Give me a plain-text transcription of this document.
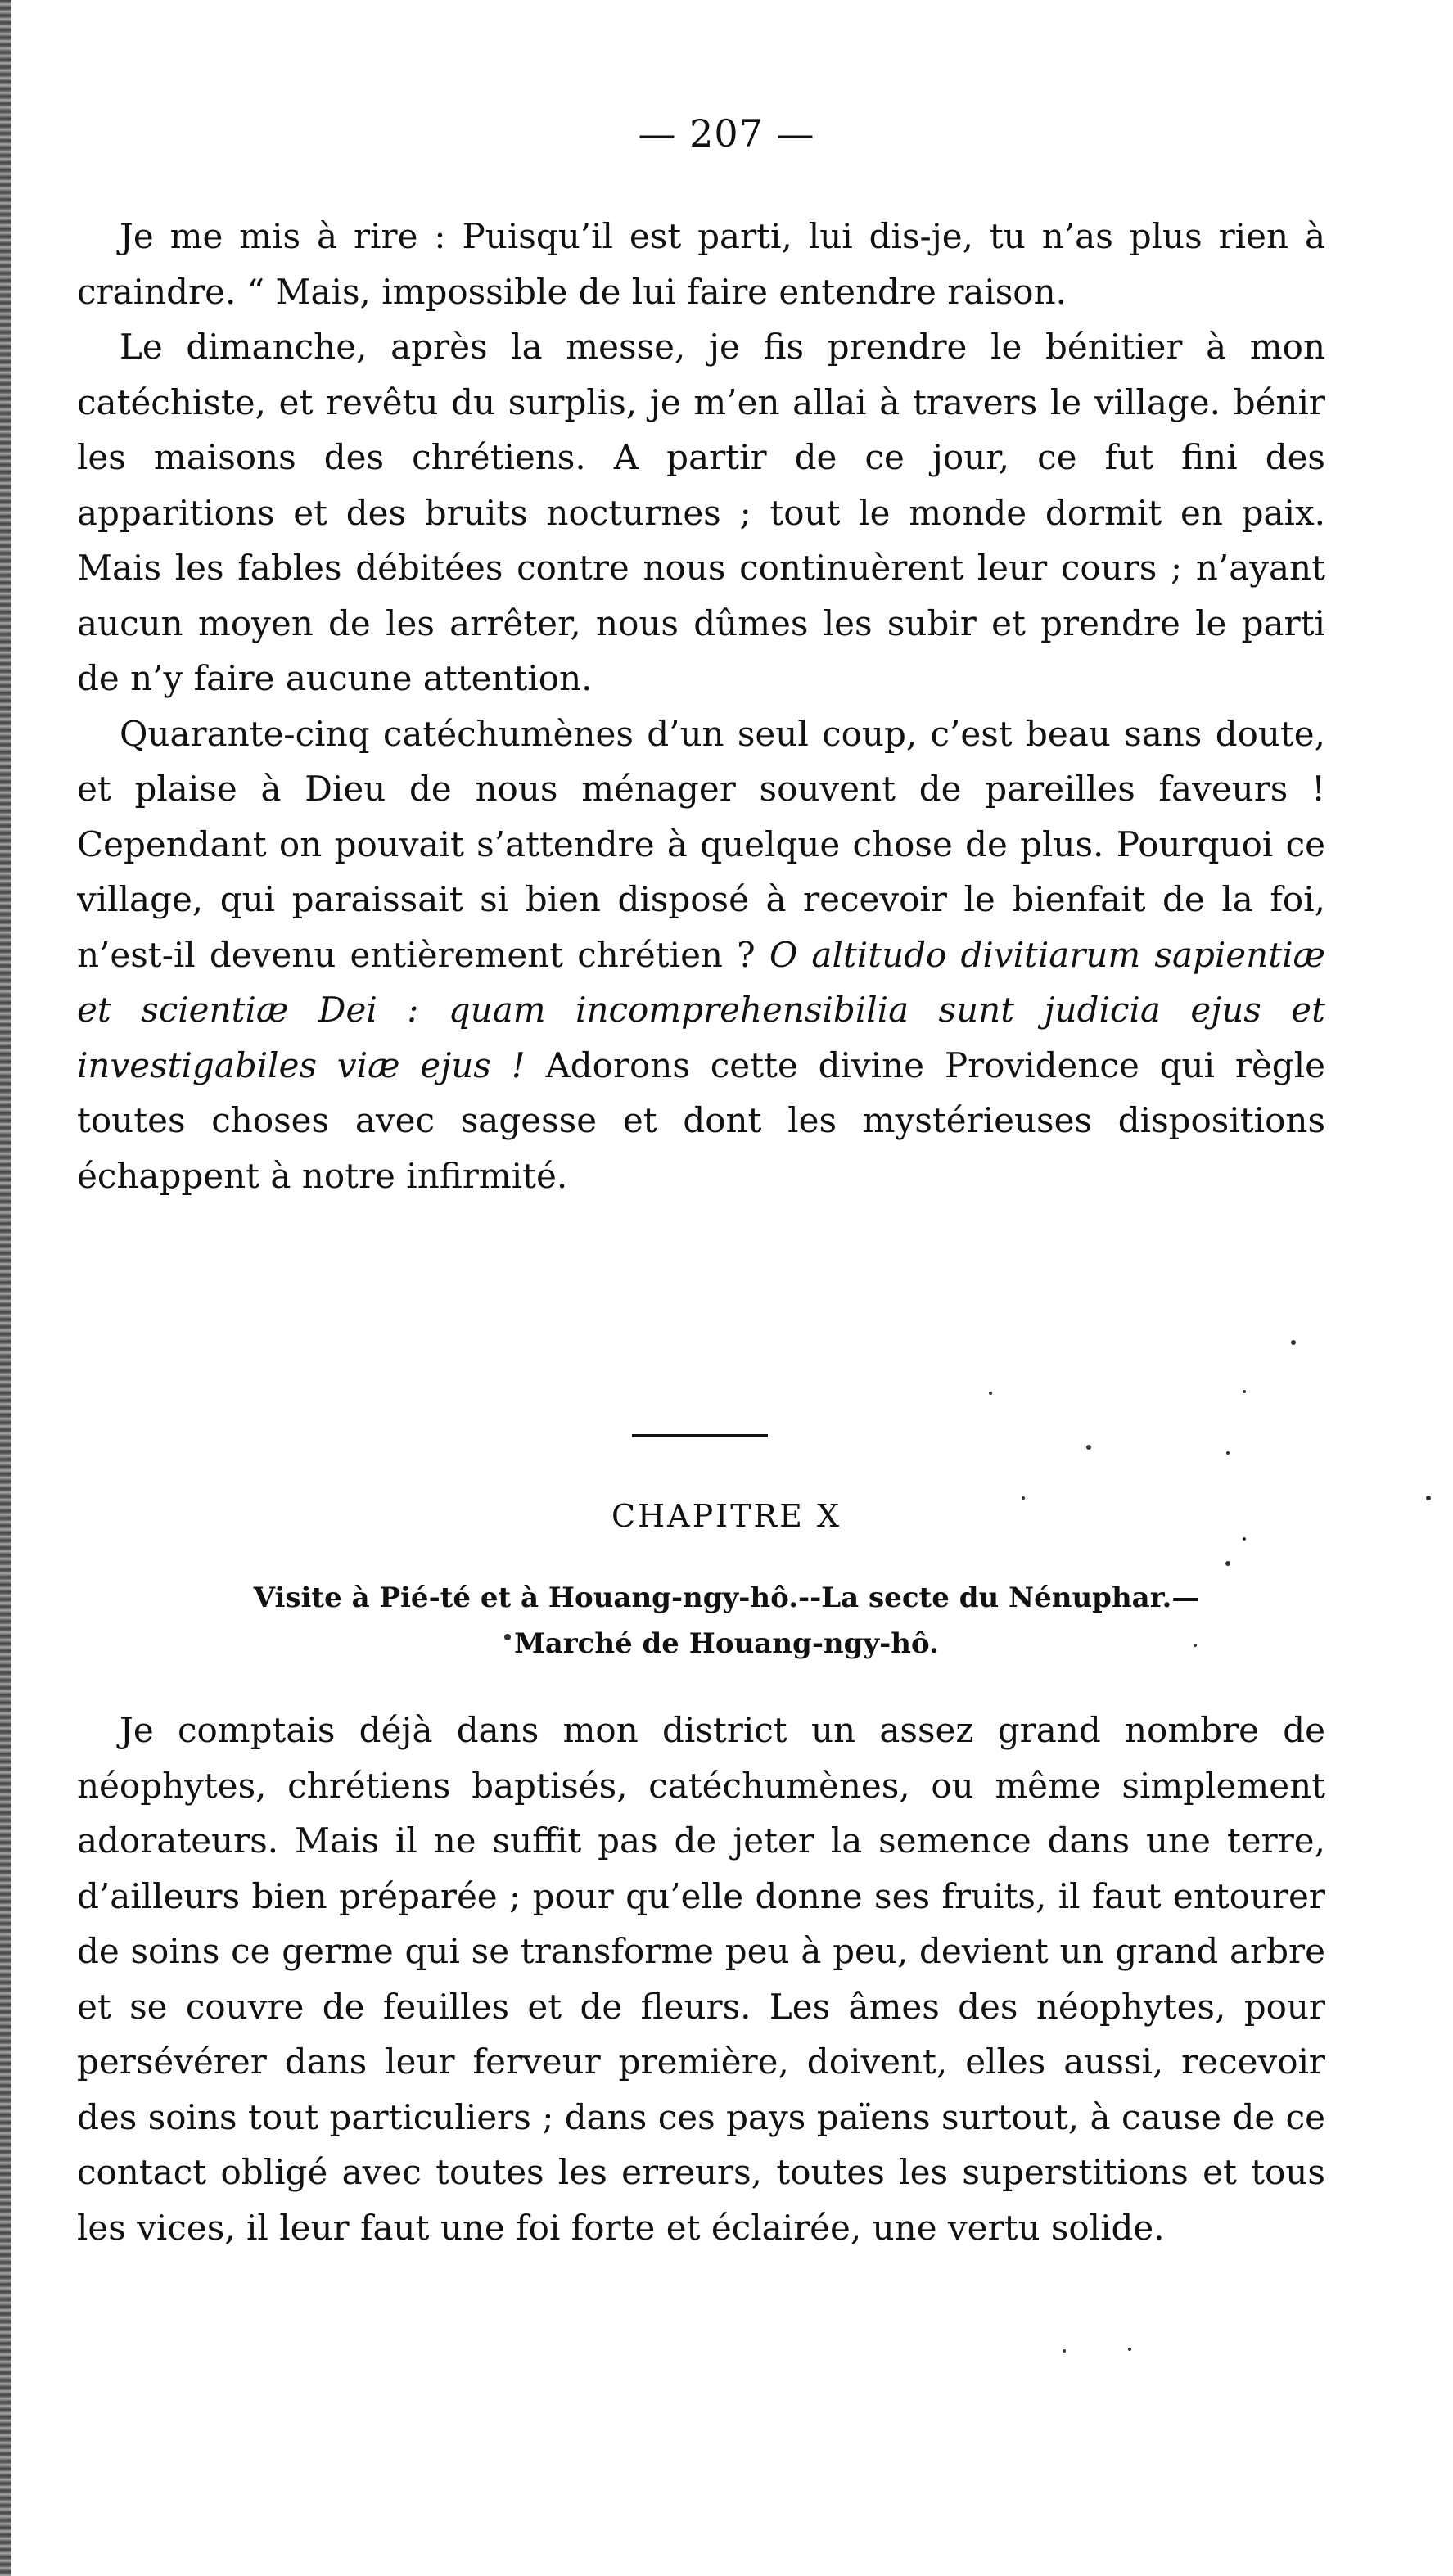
— 207 —

Je me mis à rire : Puisqu’il est parti, lui dis-je, tu n’as plus rien à craindre. “ Mais, impossible de lui faire entendre raison.

Le dimanche, après la messe, je fis prendre le bénitier à mon catéchiste, et revêtu du surplis, je m’en allai à travers le village. bénir les maisons des chrétiens. A partir de ce jour, ce fut fini des apparitions et des bruits nocturnes ; tout le monde dormit en paix. Mais les fables débitées contre nous continuèrent leur cours ; n’ayant aucun moyen de les arrêter, nous dûmes les subir et prendre le parti de n’y faire aucune attention.

Quarante-cinq catéchumènes d’un seul coup, c’est beau sans doute, et plaise à Dieu de nous ménager souvent de pareilles faveurs ! Cependant on pouvait s’attendre à quelque chose de plus. Pourquoi ce village, qui paraissait si bien disposé à recevoir le bienfait de la foi, n’est-il devenu entièrement chrétien ? O altitudo divitiarum sapientiæ et scientiæ Dei : quam incomprehensibilia sunt judicia ejus et investigabiles viæ ejus ! Adorons cette divine Providence qui règle toutes choses avec sagesse et dont les mystérieuses dispositions échappent à notre infirmité.

CHAPITRE X
Visite à Pié-té et à Houang-ngy-hô.--La secte du Nénuphar.—
Marché de Houang-ngy-hô.

Je comptais déjà dans mon district un assez grand nombre de néophytes, chrétiens baptisés, catéchumènes, ou même simplement adorateurs. Mais il ne suffit pas de jeter la semence dans une terre, d’ailleurs bien préparée ; pour qu’elle donne ses fruits, il faut entourer de soins ce germe qui se transforme peu à peu, devient un grand arbre et se couvre de feuilles et de fleurs. Les âmes des néophytes, pour persévérer dans leur ferveur première, doivent, elles aussi, recevoir des soins tout particuliers ; dans ces pays païens surtout, à cause de ce contact obligé avec toutes les erreurs, toutes les superstitions et tous les vices, il leur faut une foi forte et éclairée, une vertu solide.
